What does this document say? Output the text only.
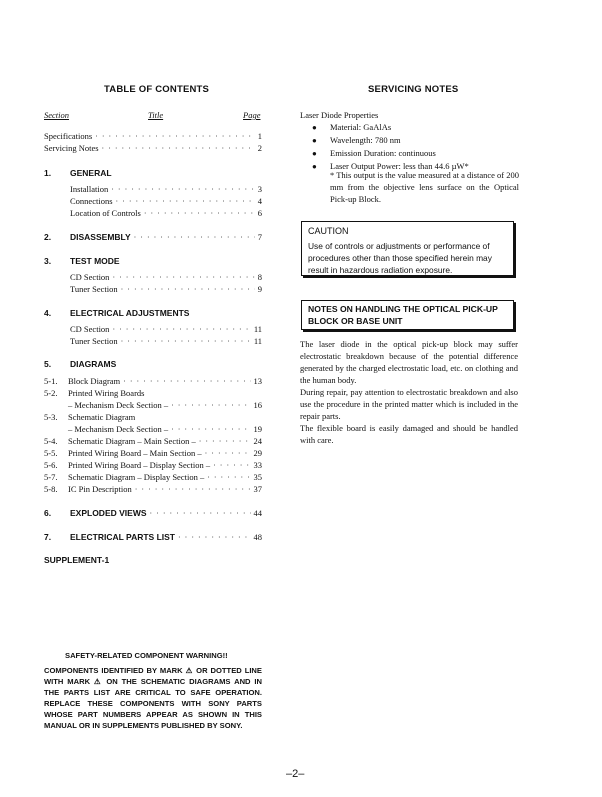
TABLE OF CONTENTS
Section	Title	Page
Specifications · · ·	1
Servicing Notes · · ·	2
1.	GENERAL
Installation · · ·	3
Connections · · ·	4
Location of Controls · · ·	6
2.	DISASSEMBLY · · ·	7
3.	TEST MODE
CD Section · · ·	8
Tuner Section · · ·	9
4.	ELECTRICAL ADJUSTMENTS
CD Section · · ·	11
Tuner Section · · ·	11
5.	DIAGRAMS
5-1.	Block Diagram · · ·	13
5-2.	Printed Wiring Boards
– Mechanism Deck Section – · · ·	16
5-3.	Schematic Diagram
– Mechanism Deck Section – · · ·	19
5-4.	Schematic Diagram – Main Section – · · ·	24
5-5.	Printed Wiring Board – Main Section – · · ·	29
5-6.	Printed Wiring Board – Display Section – · · ·	33
5-7.	Schematic Diagram – Display Section – · · ·	35
5-8.	IC Pin Description · · ·	37
6.	EXPLODED VIEWS · · ·	44
7.	ELECTRICAL PARTS LIST · · ·	48
SUPPLEMENT-1
SAFETY-RELATED COMPONENT WARNING!!
COMPONENTS IDENTIFIED BY MARK ⚠ OR DOTTED LINE WITH MARK ⚠ ON THE SCHEMATIC DIAGRAMS AND IN THE PARTS LIST ARE CRITICAL TO SAFE OPERATION. REPLACE THESE COMPONENTS WITH SONY PARTS WHOSE PART NUMBERS APPEAR AS SHOWN IN THIS MANUAL OR IN SUPPLEMENTS PUBLISHED BY SONY.
SERVICING NOTES
Laser Diode Properties
●	Material: GaAlAs
●	Wavelength: 780 nm
●	Emission Duration: continuous
●	Laser Output Power: less than 44.6 µW*
* This output is the value measured at a distance of 200 mm from the objective lens surface on the Optical Pick-up Block.
CAUTION
Use of controls or adjustments or performance of procedures other than those specified herein may result in hazardous radiation exposure.
NOTES ON HANDLING THE OPTICAL PICK-UP BLOCK OR BASE UNIT
The laser diode in the optical pick-up block may suffer electrostatic breakdown because of the potential difference generated by the charged electrostatic load, etc. on clothing and the human body.
During repair, pay attention to electrostatic breakdown and also use the procedure in the printed matter which is included in the repair parts.
The flexible board is easily damaged and should be handled with care.
–2–
